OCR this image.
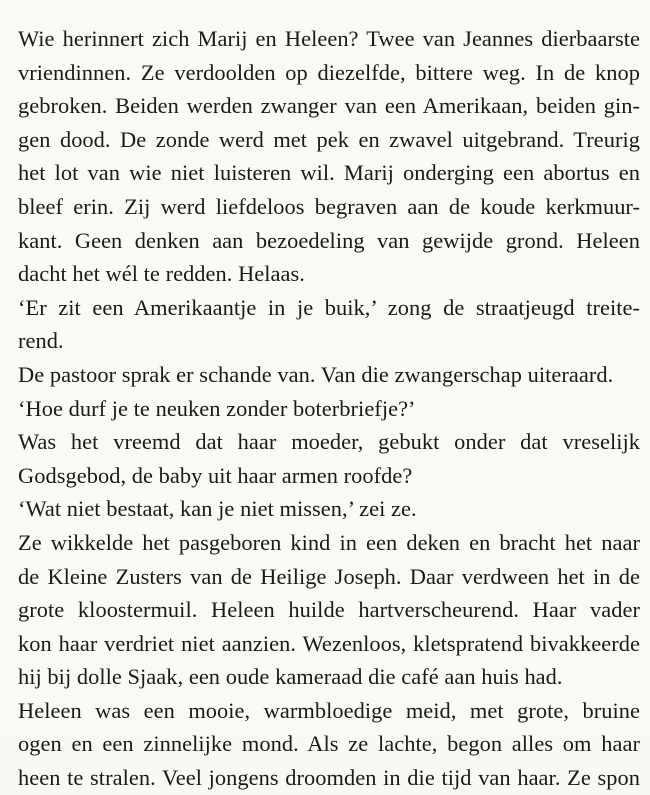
Wie herinnert zich Marij en Heleen? Twee van Jeannes dierbaarste
vriendinnen. Ze verdoolden op diezelfde, bittere weg. In de knop
gebroken. Beiden werden zwanger van een Amerikaan, beiden gin-
gen dood. De zonde werd met pek en zwavel uitgebrand. Treurig
het lot van wie niet luisteren wil. Marij onderging een abortus en
bleef erin. Zij werd liefdeloos begraven aan de koude kerkmuur-
kant. Geen denken aan bezoedeling van gewijde grond. Heleen
dacht het wél te redden. Helaas.
‘Er zit een Amerikaantje in je buik,’ zong de straatjeugd treite-
rend.
De pastoor sprak er schande van. Van die zwangerschap uiteraard.
‘Hoe durf je te neuken zonder boterbriefje?’
Was het vreemd dat haar moeder, gebukt onder dat vreselijk
Godsgebod, de baby uit haar armen roofde?
‘Wat niet bestaat, kan je niet missen,’ zei ze.
Ze wikkelde het pasgeboren kind in een deken en bracht het naar
de Kleine Zusters van de Heilige Joseph. Daar verdween het in de
grote kloostermuil. Heleen huilde hartverscheurend. Haar vader
kon haar verdriet niet aanzien. Wezenloos, kletspratend bivakkeerde
hij bij dolle Sjaak, een oude kameraad die café aan huis had.
Heleen was een mooie, warmbloedige meid, met grote, bruine
ogen en een zinnelijke mond. Als ze lachte, begon alles om haar
heen te stralen. Veel jongens droomden in die tijd van haar. Ze spon
